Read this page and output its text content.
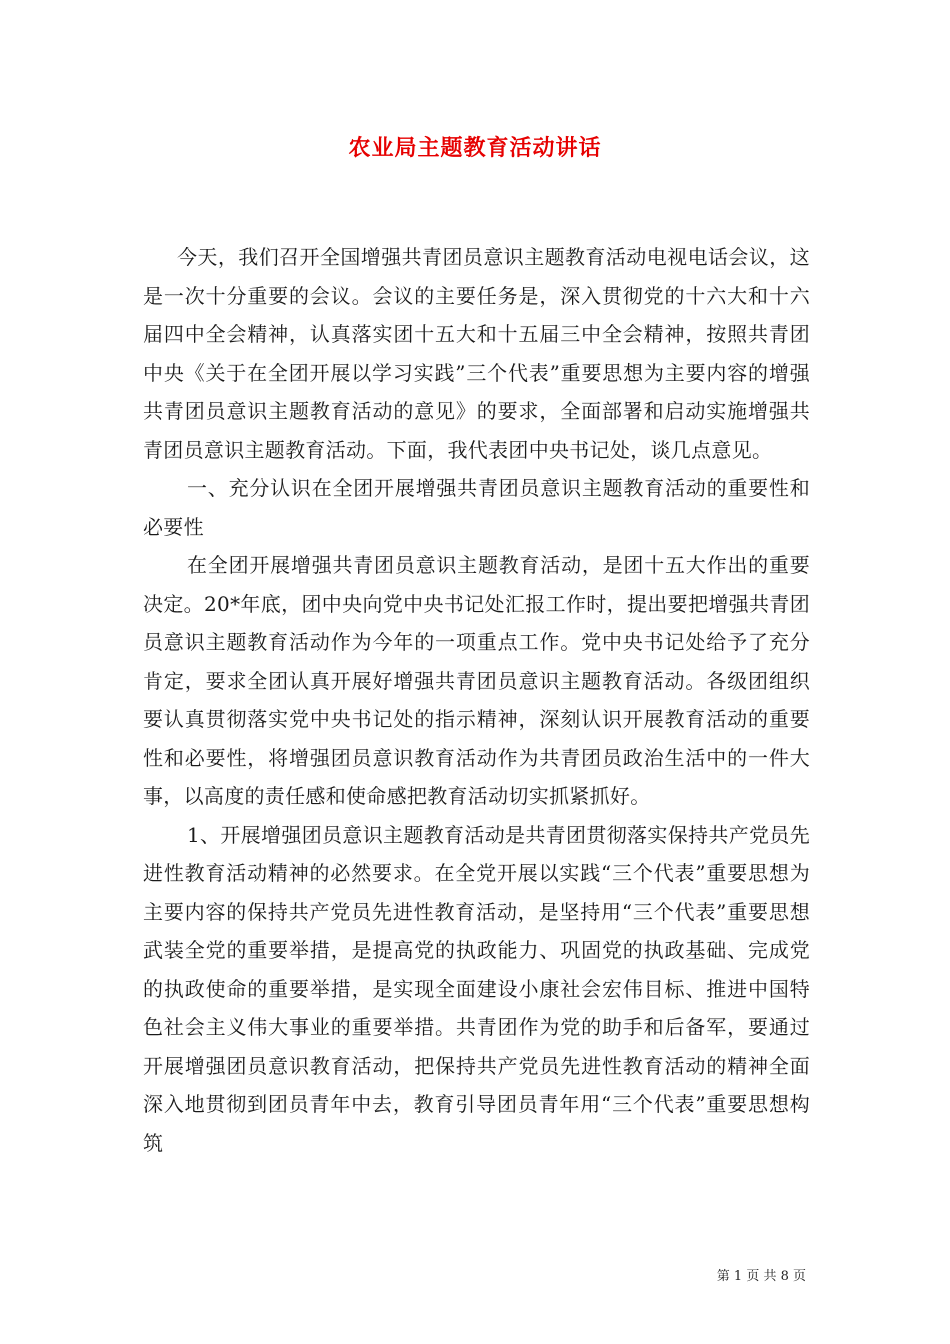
农业局主题教育活动讲话

今天，我们召开全国增强共青团员意识主题教育活动电视电话会议，这是一次十分重要的会议。会议的主要任务是，深入贯彻党的十六大和十六届四中全会精神，认真落实团十五大和十五届三中全会精神，按照共青团中央《关于在全团开展以学习实践”三个代表”重要思想为主要内容的增强共青团员意识主题教育活动的意见》的要求，全面部署和启动实施增强共青团员意识主题教育活动。下面，我代表团中央书记处，谈几点意见。

一、充分认识在全团开展增强共青团员意识主题教育活动的重要性和必要性

在全团开展增强共青团员意识主题教育活动，是团十五大作出的重要决定。20*年底，团中央向党中央书记处汇报工作时，提出要把增强共青团员意识主题教育活动作为今年的一项重点工作。党中央书记处给予了充分肯定，要求全团认真开展好增强共青团员意识主题教育活动。各级团组织要认真贯彻落实党中央书记处的指示精神，深刻认识开展教育活动的重要性和必要性，将增强团员意识教育活动作为共青团员政治生活中的一件大事，以高度的责任感和使命感把教育活动切实抓紧抓好。

1、开展增强团员意识主题教育活动是共青团贯彻落实保持共产党员先进性教育活动精神的必然要求。在全党开展以实践“三个代表”重要思想为主要内容的保持共产党员先进性教育活动，是坚持用“三个代表”重要思想武装全党的重要举措，是提高党的执政能力、巩固党的执政基础、完成党的执政使命的重要举措，是实现全面建设小康社会宏伟目标、推进中国特色社会主义伟大事业的重要举措。共青团作为党的助手和后备军，要通过开展增强团员意识教育活动，把保持共产党员先进性教育活动的精神全面深入地贯彻到团员青年中去，教育引导团员青年用“三个代表”重要思想构筑

第 1 页 共 8 页
